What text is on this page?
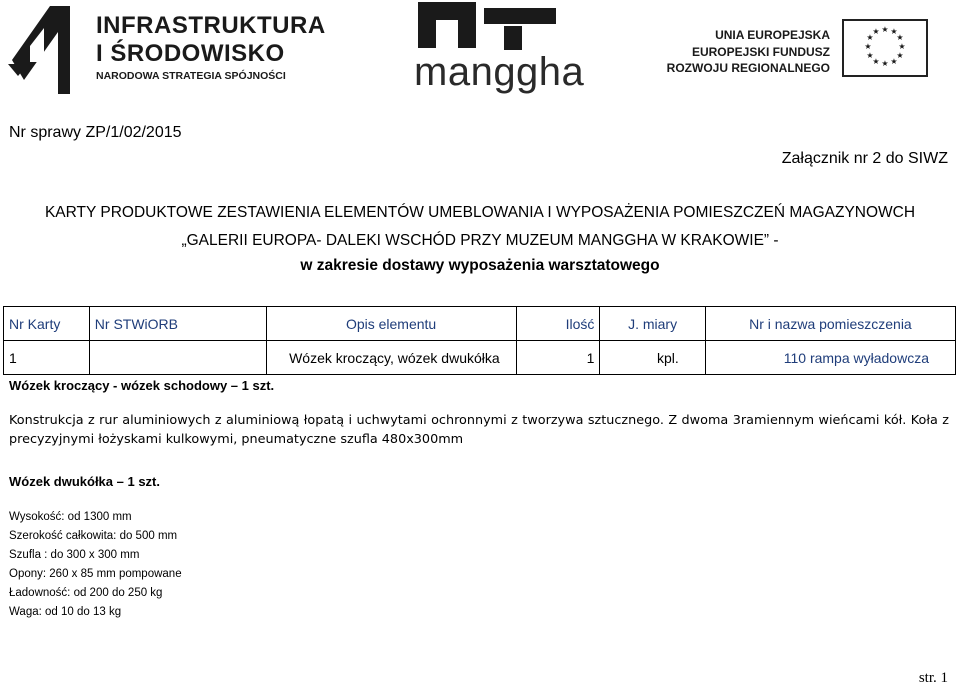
INFRASTRUKTURA
I ŚRODOWISKO
NARODOWA STRATEGIA SPÓJNOŚCI	manggha
UNIA EUROPEJSKA
EUROPEJSKI FUNDUSZ
ROZWOJU REGIONALNEGO
★ ★
★
★
★
★
★
★
★
★
★
★
Nr sprawy ZP/1/02/2015
Załącznik nr 2 do SIWZ
KARTY PRODUKTOWE ZESTAWIENIA ELEMENTÓW UMEBLOWANIA I WYPOSAŻENIA POMIESZCZEŃ MAGAZYNOWCH
„GALERII EUROPA- DALEKI WSCHÓD PRZY MUZEUM MANGGHA W KRAKOWIE” -
w zakresie dostawy wyposażenia warsztatowego
Nr Karty	Nr STWiORB	Opis elementu	Ilość	J. miary	Nr i nazwa pomieszczenia
1		Wózek kroczący, wózek dwukółka	1	kpl.	110 rampa wyładowcza
Wózek kroczący - wózek schodowy – 1 szt.
Konstrukcja z rur aluminiowych z aluminiową łopatą i uchwytami ochronnymi z tworzywa sztucznego. Z dwoma 3ramiennym wieńcami kół. Koła z precyzyjnymi łożyskami kulkowymi, pneumatyczne szufla 480x300mm
Wózek dwukółka – 1 szt.
Wysokość: od 1300 mm
Szerokość całkowita: do 500 mm
Szufla : do 300 x 300 mm
Opony: 260 x 85 mm pompowane
Ładowność: od 200 do 250 kg
Waga: od 10 do 13 kg
str. 1
